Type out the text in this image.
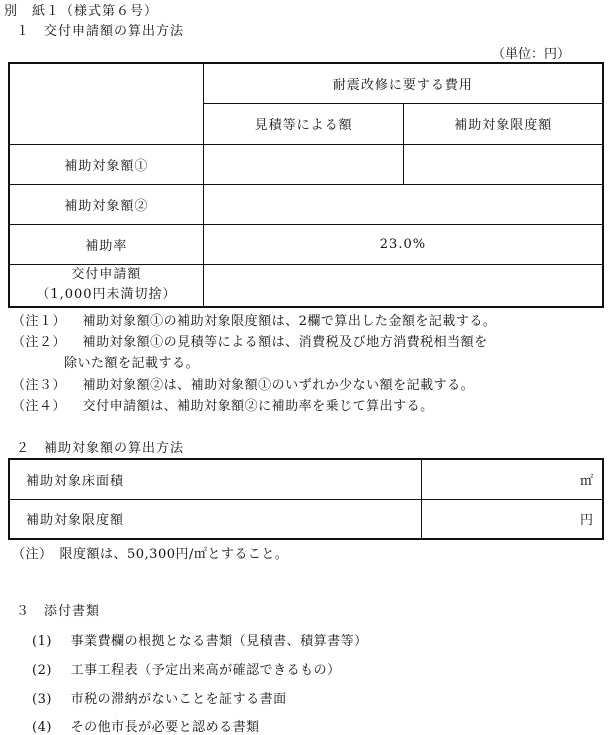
別　紙１（様式第６号）
１　交付申請額の算出方法
（単位：円）
	耐震改修に要する費用	
	見積等による額	補助対象限度額
補助対象額①		
補助対象額②		
補助率	23.0%	

交付申請額
（1,000円未満切捨）		

（注１） 補助対象額①の補助対象限度額は、2欄で算出した金額を記載する。
（注２） 補助対象額①の見積等による額は、消費税及び地方消費税相当額を
除いた額を記載する。
（注３） 補助対象額②は、補助対象額①のいずれか少ない額を記載する。
（注４） 交付申請額は、補助対象額②に補助率を乗じて算出する。
２　補助対象額の算出方法
補助対象床面積	㎡
補助対象限度額	円
（注）　限度額は、50,300円/㎡とすること。
３　添付書類
(1) 事業費欄の根拠となる書類（見積書、積算書等）
(2) 工事工程表（予定出来高が確認できるもの）
(3) 市税の滞納がないことを証する書面
(4) その他市長が必要と認める書類
